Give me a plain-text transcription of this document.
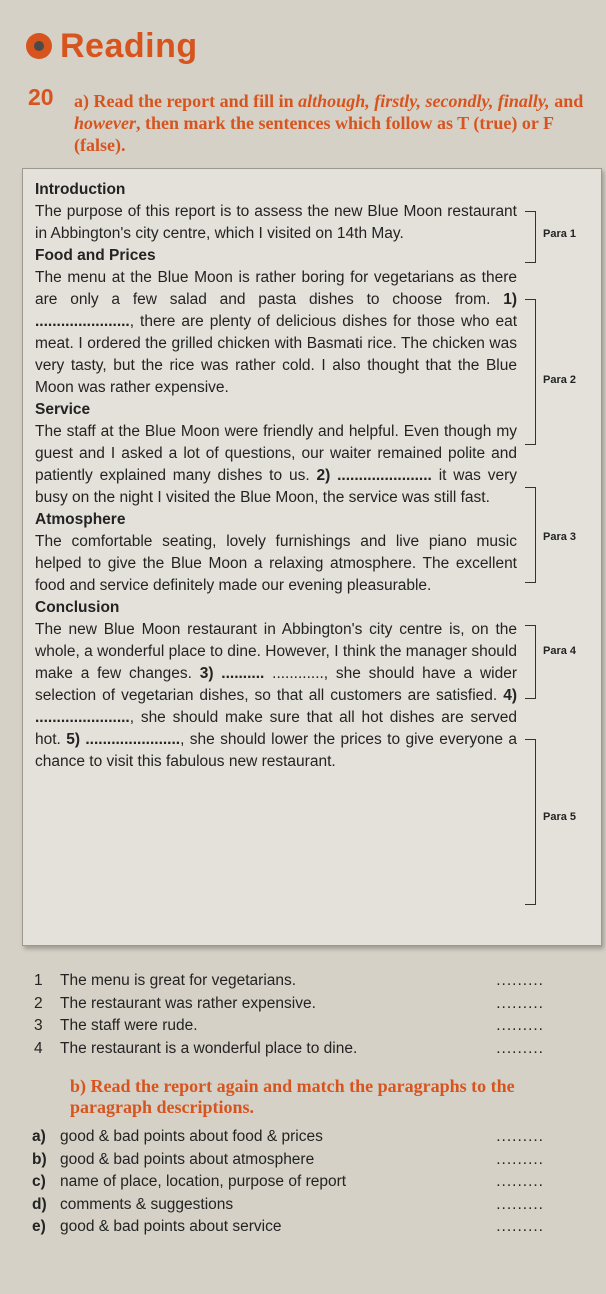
Reading
20 a) Read the report and fill in although, firstly, secondly, finally, and however, then mark the sentences which follow as T (true) or F (false).
Introduction
The purpose of this report is to assess the new Blue Moon restaurant in Abbington's city centre, which I visited on 14th May.
Food and Prices
The menu at the Blue Moon is rather boring for vegetarians as there are only a few salad and pasta dishes to choose from. 1) ......................, there are plenty of delicious dishes for those who eat meat. I ordered the grilled chicken with Basmati rice. The chicken was very tasty, but the rice was rather cold. I also thought that the Blue Moon was rather expensive.
Service
The staff at the Blue Moon were friendly and helpful. Even though my guest and I asked a lot of questions, our waiter remained polite and patiently explained many dishes to us. 2) ...................... it was very busy on the night I visited the Blue Moon, the service was still fast.
Atmosphere
The comfortable seating, lovely furnishings and live piano music helped to give the Blue Moon a relaxing atmosphere. The excellent food and service definitely made our evening pleasurable.
Conclusion
The new Blue Moon restaurant in Abbington's city centre is, on the whole, a wonderful place to dine. However, I think the manager should make a few changes. 3) .......... ............, she should have a wider selection of vegetarian dishes, so that all customers are satisfied. 4) ......................, she should make sure that all hot dishes are served hot. 5) ......................, she should lower the prices to give everyone a chance to visit this fabulous new restaurant.
Para 1
Para 2
Para 3
Para 4
Para 5
1	The menu is great for vegetarians.	.........
2	The restaurant was rather expensive.	.........
3	The staff were rude.	.........
4	The restaurant is a wonderful place to dine.	.........
b) Read the report again and match the paragraphs to the paragraph descriptions.
a) good & bad points about food & prices	.........
b) good & bad points about atmosphere	.........
c) name of place, location, purpose of report	.........
d) comments & suggestions	.........
e) good & bad points about service	.........
